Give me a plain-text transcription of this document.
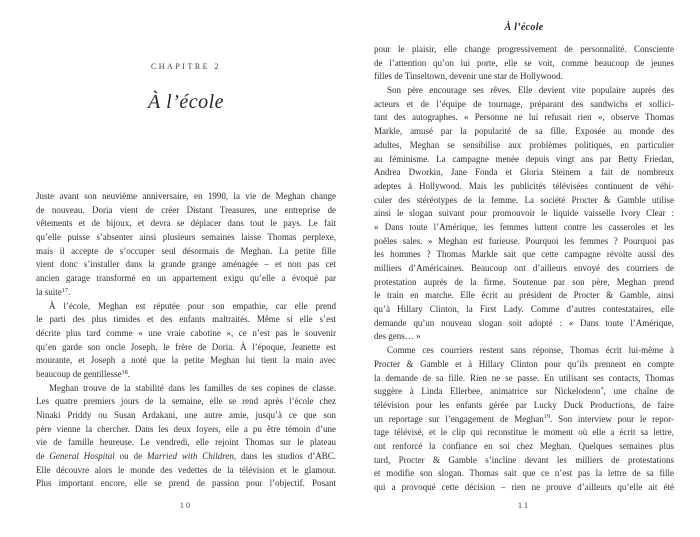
CHAPITRE 2
À l’école
Juste avant son neuvième anniversaire, en 1990, la vie de Meghan change
de nouveau. Doria vient de créer Distant Treasures, une entreprise de
vêtements et de bijoux, et devra se déplacer dans tout le pays. Le fait
qu’elle puisse s’absenter ainsi plusieurs semaines laisse Thomas perplexe,
mais il accepte de s’occuper seul désormais de Meghan. La petite fille
vient donc s’installer dans la grande grange aménagée – et non pas cet
ancien garage transformé en un appartement exigu qu’elle a évoqué par
la suite$^{17}$.
À l’école, Meghan est réputée pour son empathie, car elle prend
le parti des plus timides et des enfants maltraités. Même si elle s’est
décrite plus tard comme « une vraie cabotine », ce n’est pas le souvenir
qu’en garde son oncle Joseph, le frère de Doria. À l’époque, Jeanette est
mourante, et Joseph a noté que la petite Meghan lui tient la main avec
beaucoup de gentillesse$^{18}$.
Meghan trouve de la stabilité dans les familles de ses copines de classe.
Les quatre premiers jours de la semaine, elle se rend après l’école chez
Ninaki Priddy ou Susan Ardakani, une autre amie, jusqu’à ce que son
père vienne la chercher. Dans les deux foyers, elle a pu être témoin d’une
vie de famille heureuse. Le vendredi, elle rejoint Thomas sur le plateau
de General Hospital ou de Married with Children, dans les studios d’ABC.
Elle découvre alors le monde des vedettes de la télévision et le glamour.
Plus important encore, elle se prend de passion pour l’objectif. Posant
10
À l’école
pour le plaisir, elle change progressivement de personnalité. Consciente
de l’attention qu’on lui porte, elle se voit, comme beaucoup de jeunes
filles de Tinseltown, devenir une star de Hollywood.
Son père encourage ses rêves. Elle devient vite populaire auprès des
acteurs et de l’équipe de tournage, préparant des sandwichs et sollici-
tant des autographes. « Personne ne lui refusait rien », observe Thomas
Markle, amusé par la popularité de sa fille. Exposée au monde des
adultes, Meghan se sensibilise aux problèmes politiques, en particulier
au féminisme. La campagne menée depuis vingt ans par Betty Friedan,
Andrea Dworkin, Jane Fonda et Gloria Steinem a fait de nombreux
adeptes à Hollywood. Mais les publicités télévisées continuent de véhi-
culer des stéréotypes de la femme. La société Procter & Gamble utilise
ainsi le slogan suivant pour promouvoir le liquide vaisselle Ivory Clear :
« Dans toute l’Amérique, les femmes luttent contre les casseroles et les
poêles sales. » Meghan est furieuse. Pourquoi les femmes ? Pourquoi pas
les hommes ? Thomas Markle sait que cette campagne révolte aussi des
milliers d’Américaines. Beaucoup ont d’ailleurs envoyé des courriers de
protestation auprès de la firme. Soutenue par son père, Meghan prend
le train en marche. Elle écrit au président de Procter & Gamble, ainsi
qu’à Hillary Clinton, la First Lady. Comme d’autres contestataires, elle
demande qu’un nouveau slogan soit adopté : « Dans toute l’Amérique,
des gens… »
Comme ces courriers restent sans réponse, Thomas écrit lui-même à
Procter & Gamble et à Hillary Clinton pour qu’ils prennent en compte
la demande de sa fille. Rien ne se passe. En utilisant ses contacts, Thomas
suggère à Linda Ellerbee, animatrice sur Nickelodeon*, une chaîne de
télévision pour les enfants gérée par Lucky Duck Productions, de faire
un reportage sur l’engagement de Meghan$^{19}$. Son interview pour le repor-
tage télévisé, et le clip qui reconstitue le moment où elle a écrit sa lettre,
ont renforcé la confiance en soi chez Meghan. Quelques semaines plus
tard, Procter & Gamble s’incline devant les milliers de protestations
et modifie son slogan. Thomas sait que ce n’est pas la lettre de sa fille
qui a provoqué cette décision – rien ne prouve d’ailleurs qu’elle ait été
11
